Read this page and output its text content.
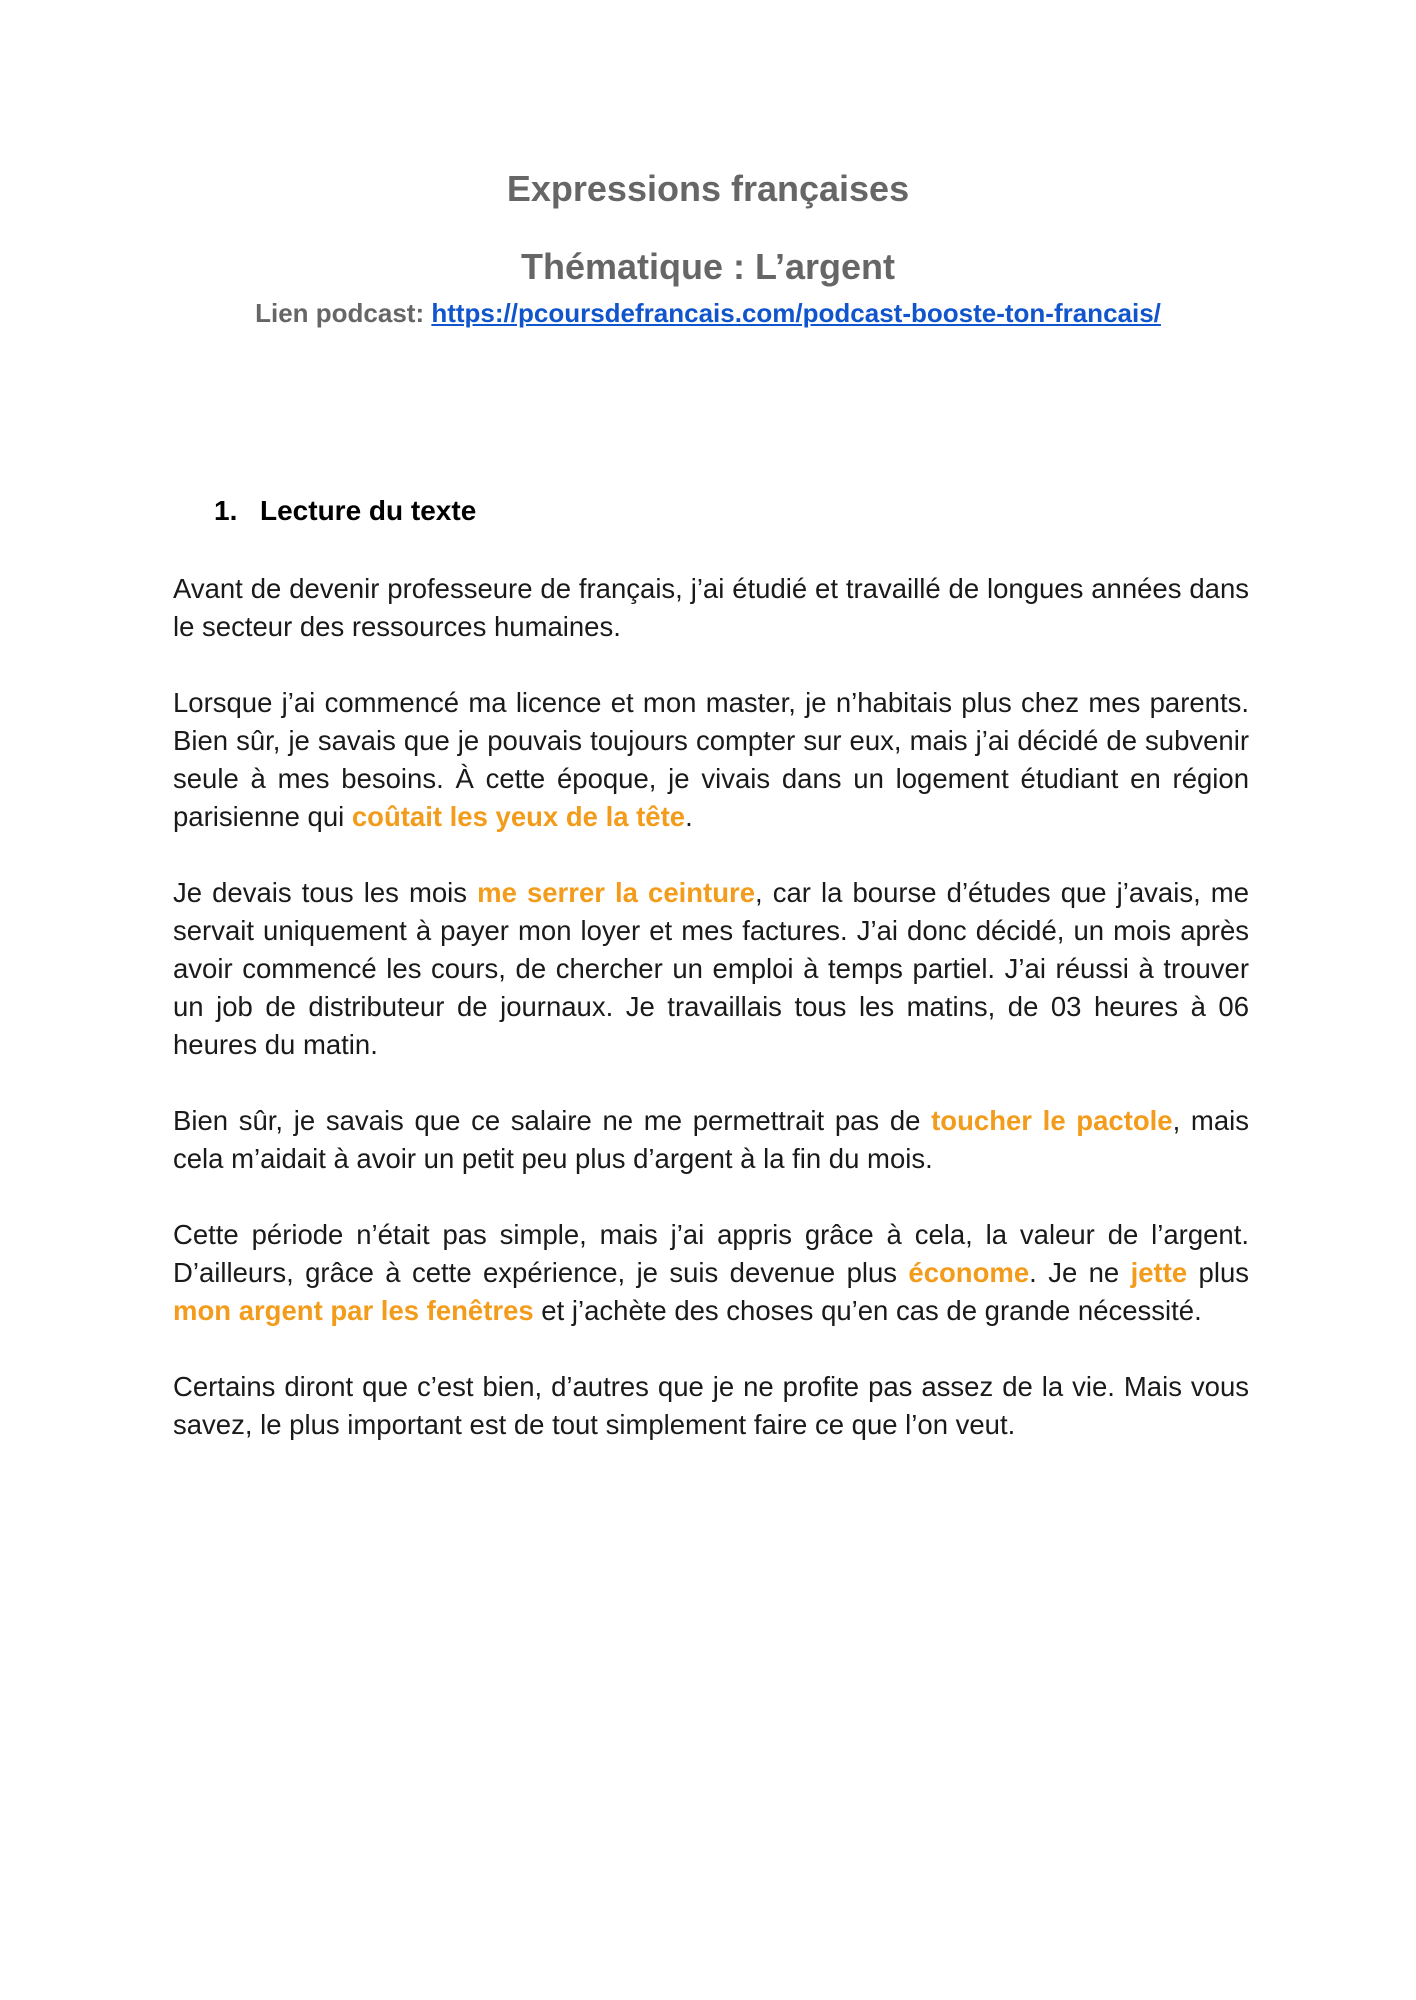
Expressions françaises
Thématique : L’argent
Lien podcast: https://pcoursdefrancais.com/podcast-booste-ton-francais/
1. Lecture du texte

Avant de devenir professeure de français, j’ai étudié et travaillé de longues années dans le secteur des ressources humaines.

Lorsque j’ai commencé ma licence et mon master, je n’habitais plus chez mes parents. Bien sûr, je savais que je pouvais toujours compter sur eux, mais j’ai décidé de subvenir seule à mes besoins. À cette époque, je vivais dans un logement étudiant en région parisienne qui coûtait les yeux de la tête.

Je devais tous les mois me serrer la ceinture, car la bourse d’études que j’avais, me servait uniquement à payer mon loyer et mes factures. J’ai donc décidé, un mois après avoir commencé les cours, de chercher un emploi à temps partiel. J’ai réussi à trouver un job de distributeur de journaux. Je travaillais tous les matins, de 03 heures à 06 heures du matin.

Bien sûr, je savais que ce salaire ne me permettrait pas de toucher le pactole, mais cela m’aidait à avoir un petit peu plus d’argent à la fin du mois.

Cette période n’était pas simple, mais j’ai appris grâce à cela, la valeur de l’argent. D’ailleurs, grâce à cette expérience, je suis devenue plus économe. Je ne jette plus mon argent par les fenêtres et j’achète des choses qu’en cas de grande nécessité.

Certains diront que c’est bien, d’autres que je ne profite pas assez de la vie. Mais vous savez, le plus important est de tout simplement faire ce que l’on veut.
